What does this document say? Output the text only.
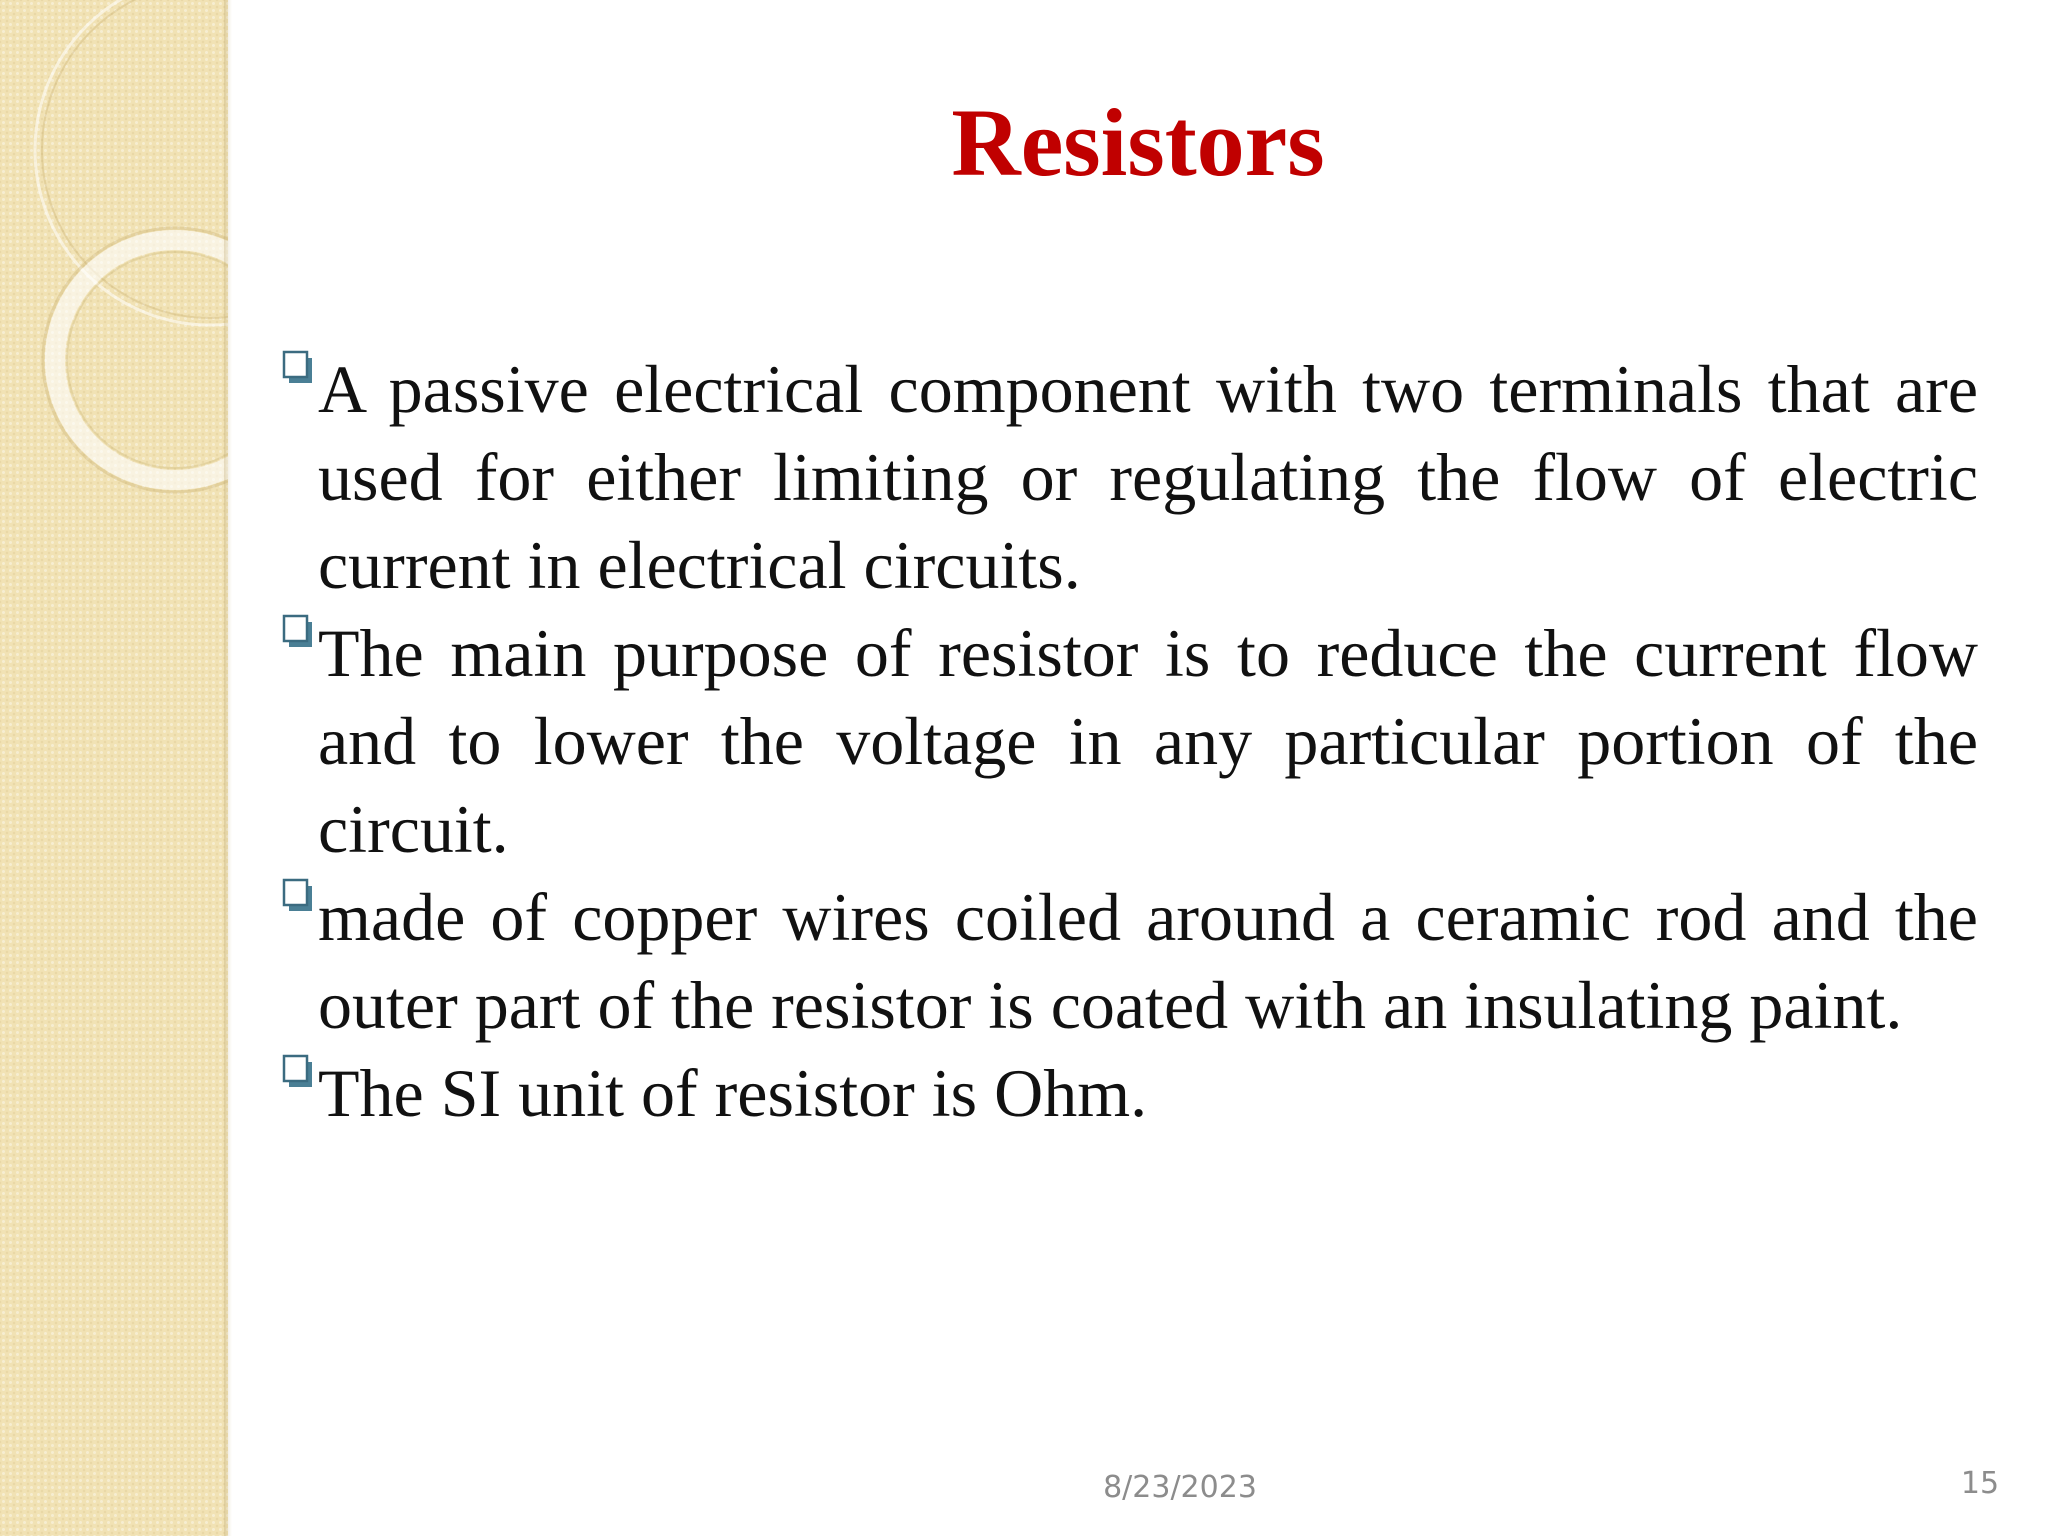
Resistors

A passive electrical component with two terminals that are used for either limiting or regulating the flow of electric current in electrical circuits.

The main purpose of resistor is to reduce the current flow and to lower the voltage in any particular portion of the circuit.

made of copper wires coiled around a ceramic rod and the outer part of the resistor is coated with an insulating paint.

The SI unit of resistor is Ohm.

8/23/2023	15
